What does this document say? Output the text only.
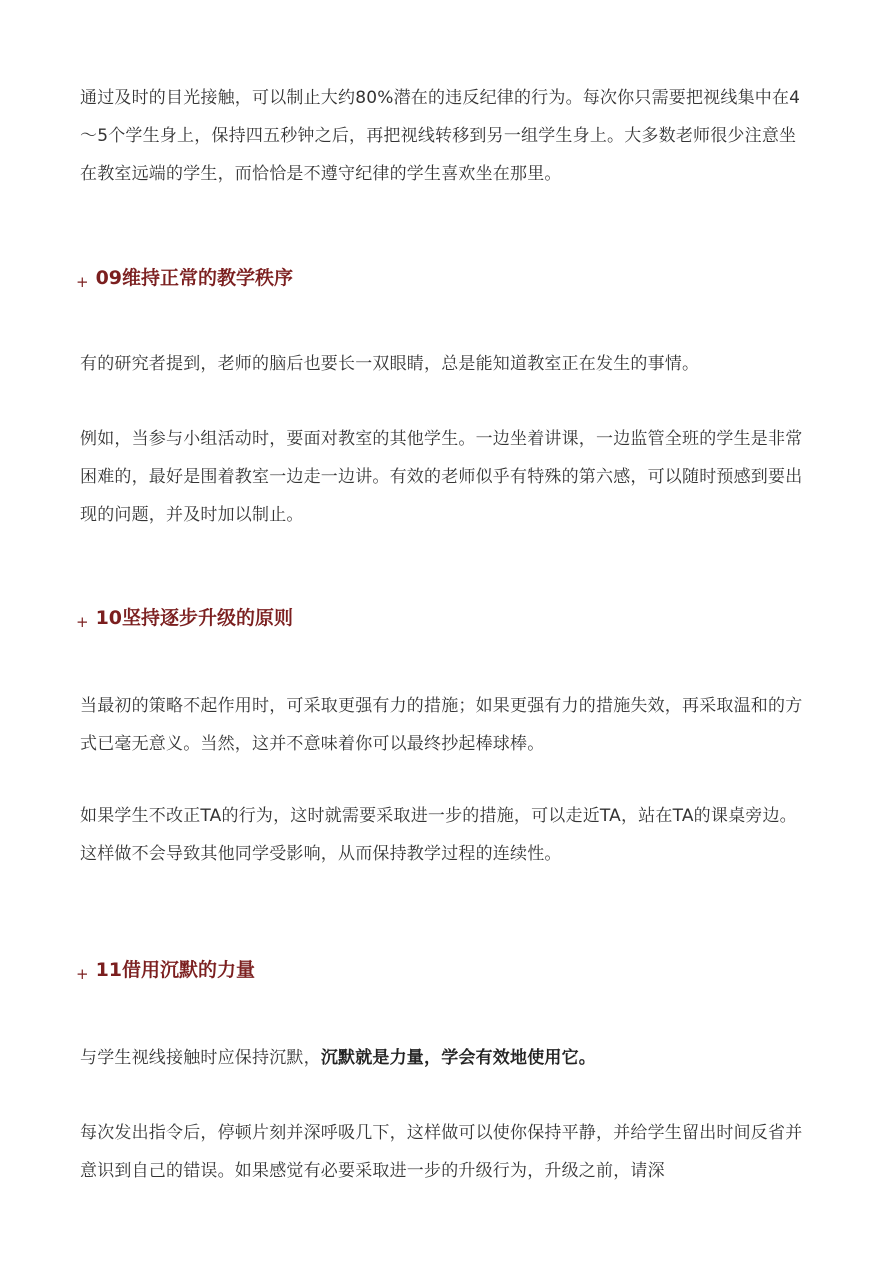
通过及时的目光接触，可以制止大约80%潜在的违反纪律的行为。每次你只需要把视线集中在4～5个学生身上，保持四五秒钟之后，再把视线转移到另一组学生身上。大多数老师很少注意坐在教室远端的学生，而恰恰是不遵守纪律的学生喜欢坐在那里。

+ 09维持正常的教学秩序

有的研究者提到，老师的脑后也要长一双眼睛，总是能知道教室正在发生的事情。

例如，当参与小组活动时，要面对教室的其他学生。一边坐着讲课，一边监管全班的学生是非常困难的，最好是围着教室一边走一边讲。有效的老师似乎有特殊的第六感，可以随时预感到要出现的问题，并及时加以制止。

+ 10坚持逐步升级的原则

当最初的策略不起作用时，可采取更强有力的措施；如果更强有力的措施失效，再采取温和的方式已毫无意义。当然，这并不意味着你可以最终抄起棒球棒。

如果学生不改正TA的行为，这时就需要采取进一步的措施，可以走近TA，站在TA的课桌旁边。这样做不会导致其他同学受影响，从而保持教学过程的连续性。

+ 11借用沉默的力量

与学生视线接触时应保持沉默，沉默就是力量，学会有效地使用它。

每次发出指令后，停顿片刻并深呼吸几下，这样做可以使你保持平静，并给学生留出时间反省并意识到自己的错误。如果感觉有必要采取进一步的升级行为，升级之前，请深
